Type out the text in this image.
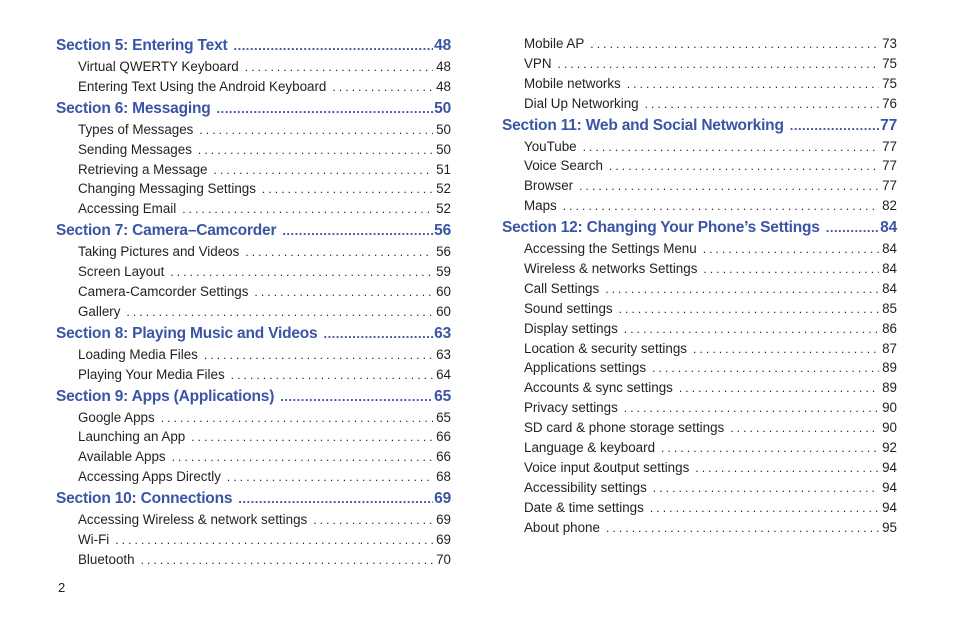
Section 5: Entering Text .....	48
Virtual QWERTY Keyboard .....	48
Entering Text Using the Android Keyboard .....	48
Section 6: Messaging .....	50
Types of Messages .....	50
Sending Messages .....	50
Retrieving a Message .....	51
Changing Messaging Settings .....	52
Accessing Email .....	52
Section 7: Camera–Camcorder .....	56
Taking Pictures and Videos .....	56
Screen Layout .....	59
Camera-Camcorder Settings .....	60
Gallery .....	60
Section 8: Playing Music and Videos .....	63
Loading Media Files .....	63
Playing Your Media Files .....	64
Section 9: Apps (Applications) .....	65
Google Apps .....	65
Launching an App .....	66
Available Apps .....	66
Accessing Apps Directly .....	68
Section 10: Connections .....	69
Accessing Wireless & network settings .....	69
Wi-Fi .....	69
Bluetooth .....	70
Mobile AP .....	73
VPN .....	75
Mobile networks .....	75
Dial Up Networking .....	76
Section 11: Web and Social Networking .....	77
YouTube .....	77
Voice Search .....	77
Browser .....	77
Maps .....	82
Section 12: Changing Your Phone’s Settings .....	84
Accessing the Settings Menu .....	84
Wireless & networks Settings .....	84
Call Settings .....	84
Sound settings .....	85
Display settings .....	86
Location & security settings .....	87
Applications settings .....	89
Accounts & sync settings .....	89
Privacy settings .....	90
SD card & phone storage settings .....	90
Language & keyboard .....	92
Voice input &output settings .....	94
Accessibility settings .....	94
Date & time settings .....	94
About phone .....	95
2
